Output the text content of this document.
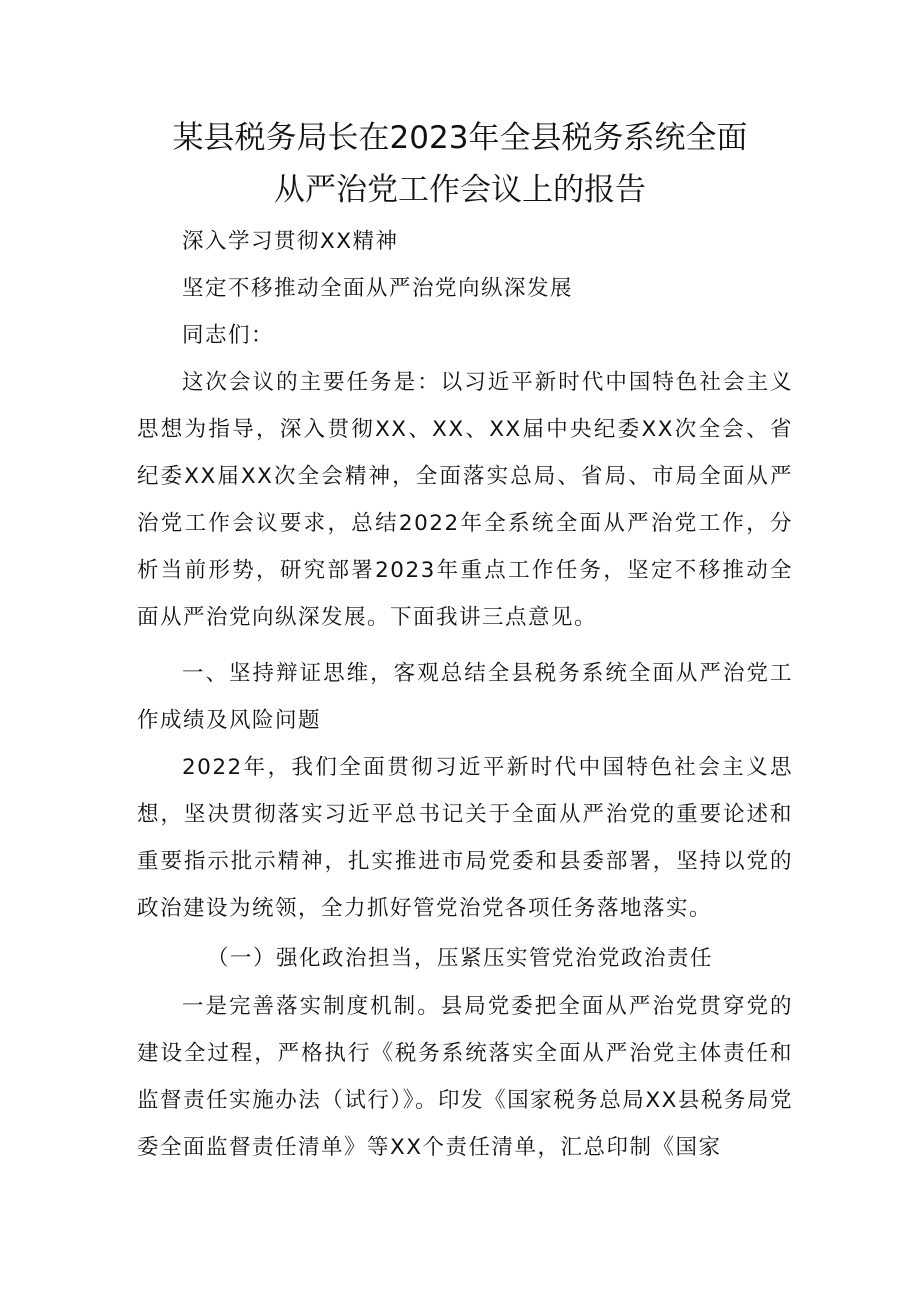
某县税务局长在2023年全县税务系统全面
从严治党工作会议上的报告

深入学习贯彻XX精神

坚定不移推动全面从严治党向纵深发展

同志们：

这次会议的主要任务是：以习近平新时代中国特色社会主义思想为指导，深入贯彻XX、XX、XX届中央纪委XX次全会、省纪委XX届XX次全会精神，全面落实总局、省局、市局全面从严治党工作会议要求，总结2022年全系统全面从严治党工作，分析当前形势，研究部署2023年重点工作任务，坚定不移推动全面从严治党向纵深发展。下面我讲三点意见。

一、坚持辩证思维，客观总结全县税务系统全面从严治党工作成绩及风险问题

2022年，我们全面贯彻习近平新时代中国特色社会主义思想，坚决贯彻落实习近平总书记关于全面从严治党的重要论述和重要指示批示精神，扎实推进市局党委和县委部署，坚持以党的政治建设为统领，全力抓好管党治党各项任务落地落实。

（一）强化政治担当，压紧压实管党治党政治责任

一是完善落实制度机制。县局党委把全面从严治党贯穿党的建设全过程，严格执行《税务系统落实全面从严治党主体责任和监督责任实施办法（试行）》。印发《国家税务总局XX县税务局党委全面监督责任清单》等XX个责任清单，汇总印制《国家
